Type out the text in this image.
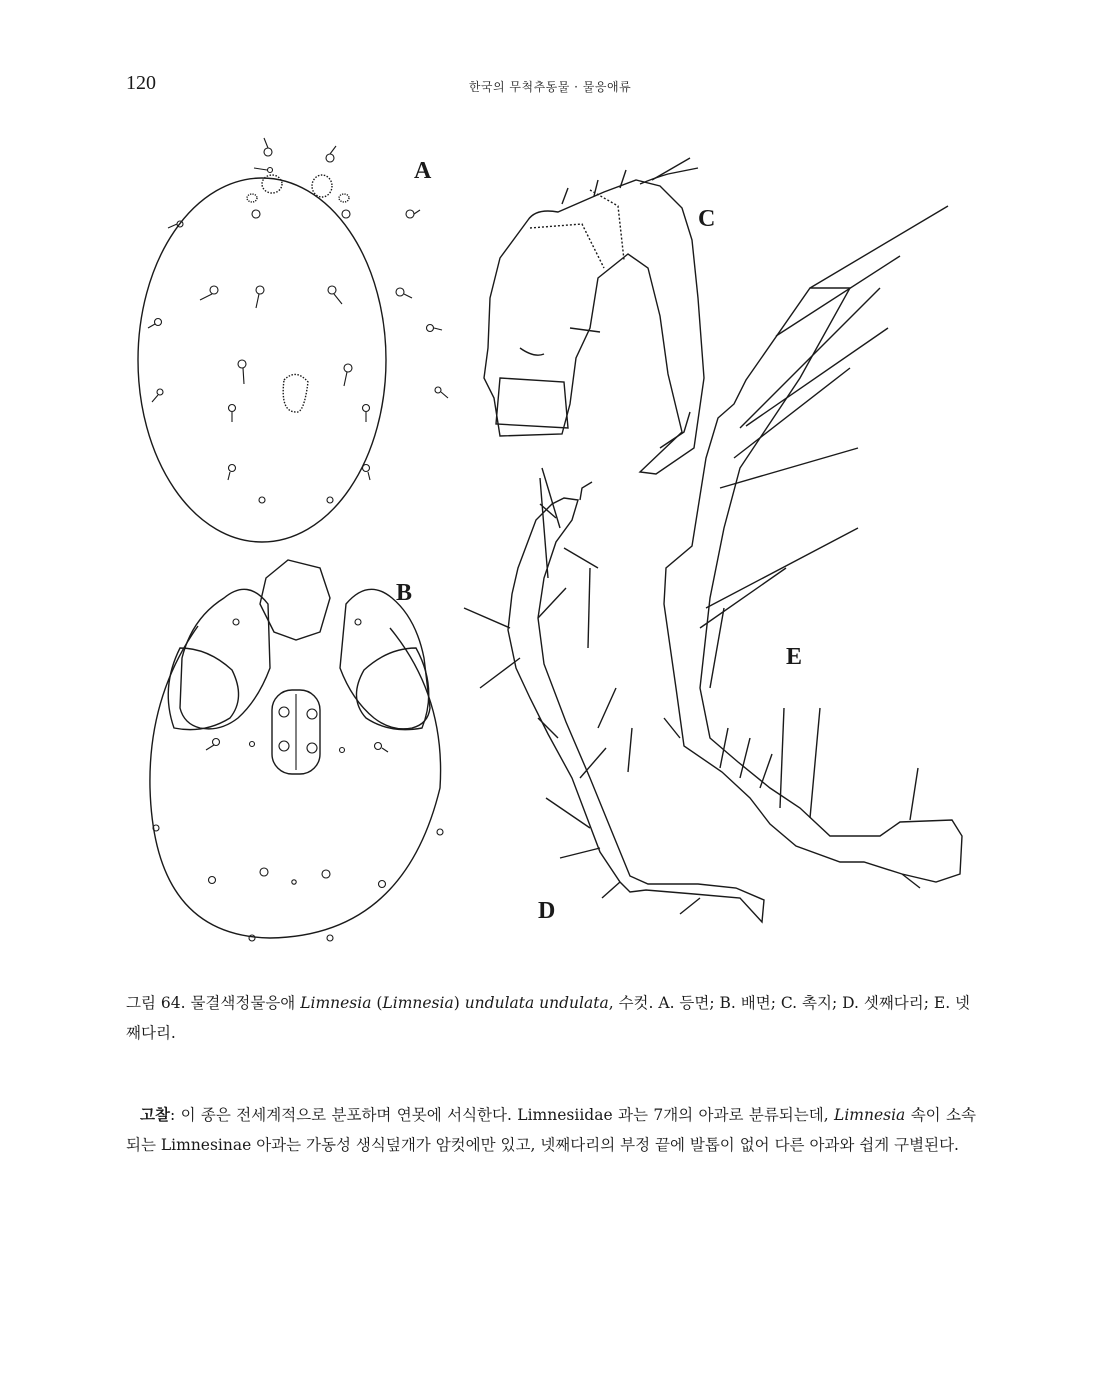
120	한국의 무척추동물 · 물응애류
A
B
C
D
E
그림 64. 물결색정물응애 Limnesia (Limnesia) undulata undulata, 수컷. A. 등면; B. 배면; C. 촉지; D. 셋째다리; E. 넷째다리.
고찰: 이 종은 전세계적으로 분포하며 연못에 서식한다. Limnesiidae 과는 7개의 아과로 분류되는데, Limnesia 속이 소속되는 Limnesinae 아과는 가동성 생식덮개가 암컷에만 있고, 넷째다리의 부정 끝에 발톱이 없어 다른 아과와 쉽게 구별된다.
